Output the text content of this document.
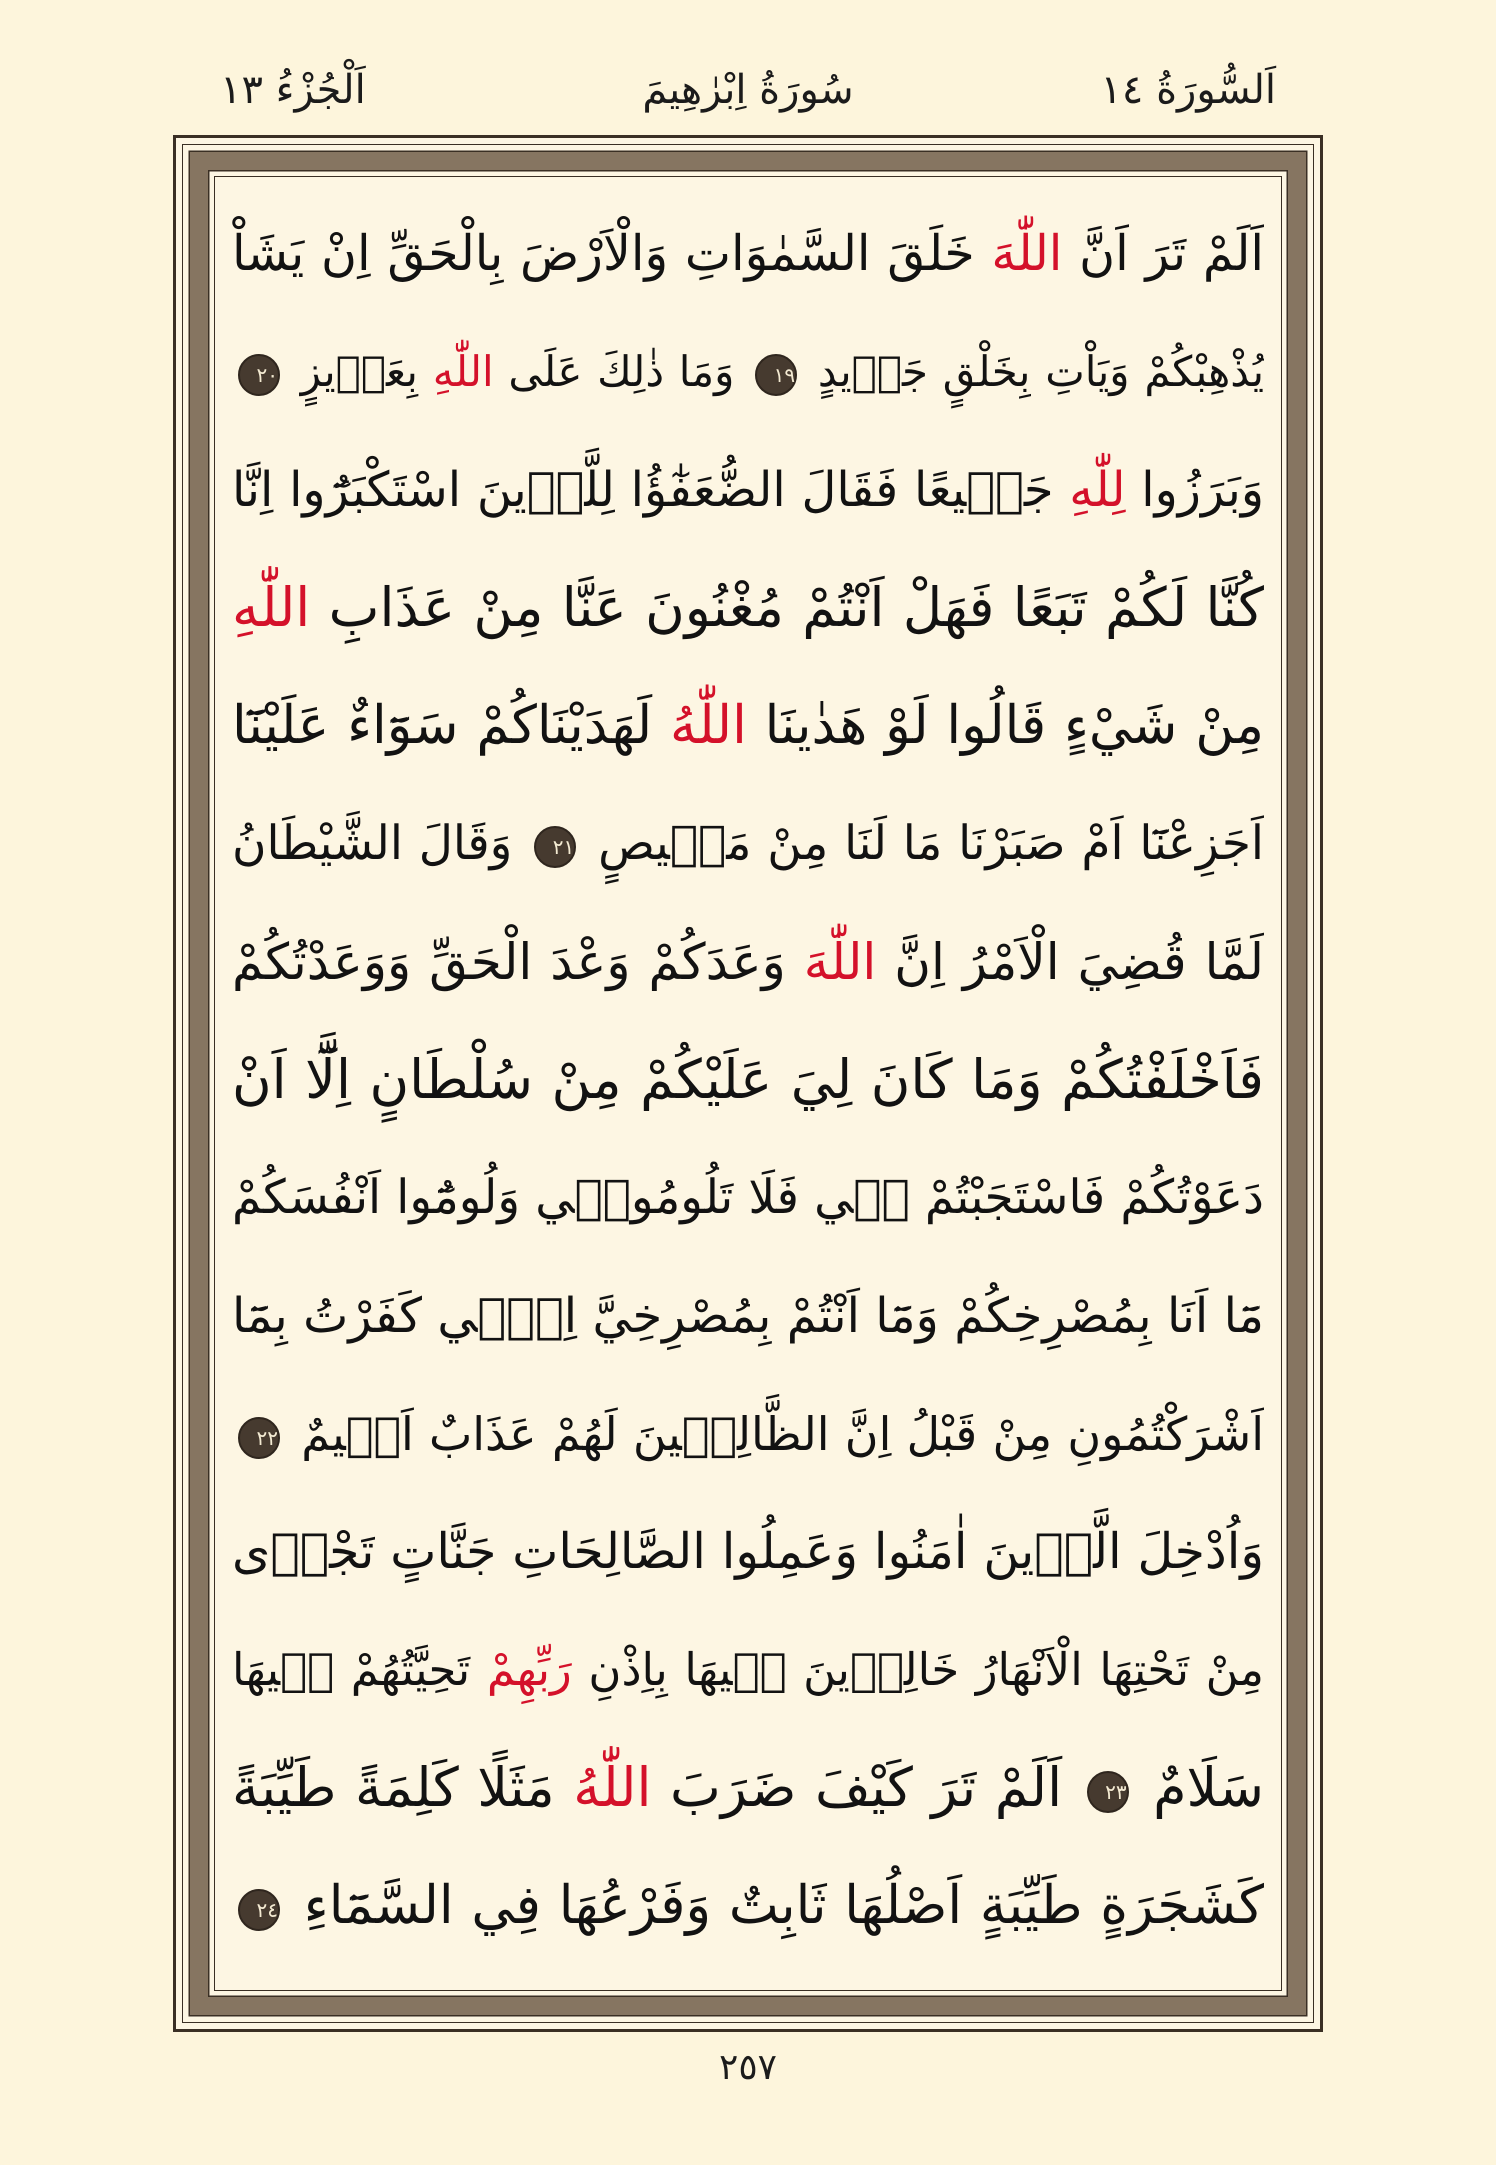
اَلْجُزْءُ ١٣	سُورَةُ اِبْرٰهِيمَ	اَلسُّورَةُ ١٤
اَلَمْ تَرَ اَنَّ اللّٰهَ خَلَقَ السَّمٰوَاتِ وَالْاَرْضَ بِالْحَقِّ اِنْ يَشَاْ
يُذْهِبْكُمْ وَيَاْتِ بِخَلْقٍ جَدٖيدٍ ١٩ وَمَا ذٰلِكَ عَلَى اللّٰهِ بِعَزٖيزٍ ٢٠
وَبَرَزُوا لِلّٰهِ جَمٖيعًا فَقَالَ الضُّعَفٰٓؤُا لِلَّذٖينَ اسْتَكْبَرُٓوا اِنَّا
كُنَّا لَكُمْ تَبَعًا فَهَلْ اَنْتُمْ مُغْنُونَ عَنَّا مِنْ عَذَابِ اللّٰهِ
مِنْ شَيْءٍ قَالُوا لَوْ هَدٰينَا اللّٰهُ لَهَدَيْنَاكُمْ سَوَٓاءٌ عَلَيْنَٓا
اَجَزِعْنَٓا اَمْ صَبَرْنَا مَا لَنَا مِنْ مَحٖيصٍ ٢١ وَقَالَ الشَّيْطَانُ
لَمَّا قُضِيَ الْاَمْرُ اِنَّ اللّٰهَ وَعَدَكُمْ وَعْدَ الْحَقِّ وَوَعَدْتُكُمْ
فَاَخْلَفْتُكُمْ وَمَا كَانَ لِيَ عَلَيْكُمْ مِنْ سُلْطَانٍ اِلَّٓا اَنْ
دَعَوْتُكُمْ فَاسْتَجَبْتُمْ لٖي فَلَا تَلُومُونٖي وَلُومُٓوا اَنْفُسَكُمْ
مَٓا اَنَا بِمُصْرِخِكُمْ وَمَٓا اَنْتُمْ بِمُصْرِخِيَّ اِنّٖي كَفَرْتُ بِمَٓا
اَشْرَكْتُمُونِ مِنْ قَبْلُ اِنَّ الظَّالِمٖينَ لَهُمْ عَذَابٌ اَلٖيمٌ ٢٢
وَاُدْخِلَ الَّذٖينَ اٰمَنُوا وَعَمِلُوا الصَّالِحَاتِ جَنَّاتٍ تَجْرٖى
مِنْ تَحْتِهَا الْاَنْهَارُ خَالِدٖينَ فٖيهَا بِاِذْنِ رَبِّهِمْ تَحِيَّتُهُمْ فٖيهَا
سَلَامٌ ٢٣ اَلَمْ تَرَ كَيْفَ ضَرَبَ اللّٰهُ مَثَلًا كَلِمَةً طَيِّبَةً
كَشَجَرَةٍ طَيِّبَةٍ اَصْلُهَا ثَابِتٌ وَفَرْعُهَا فِي السَّمَٓاءِ ٢٤
٢٥٧
